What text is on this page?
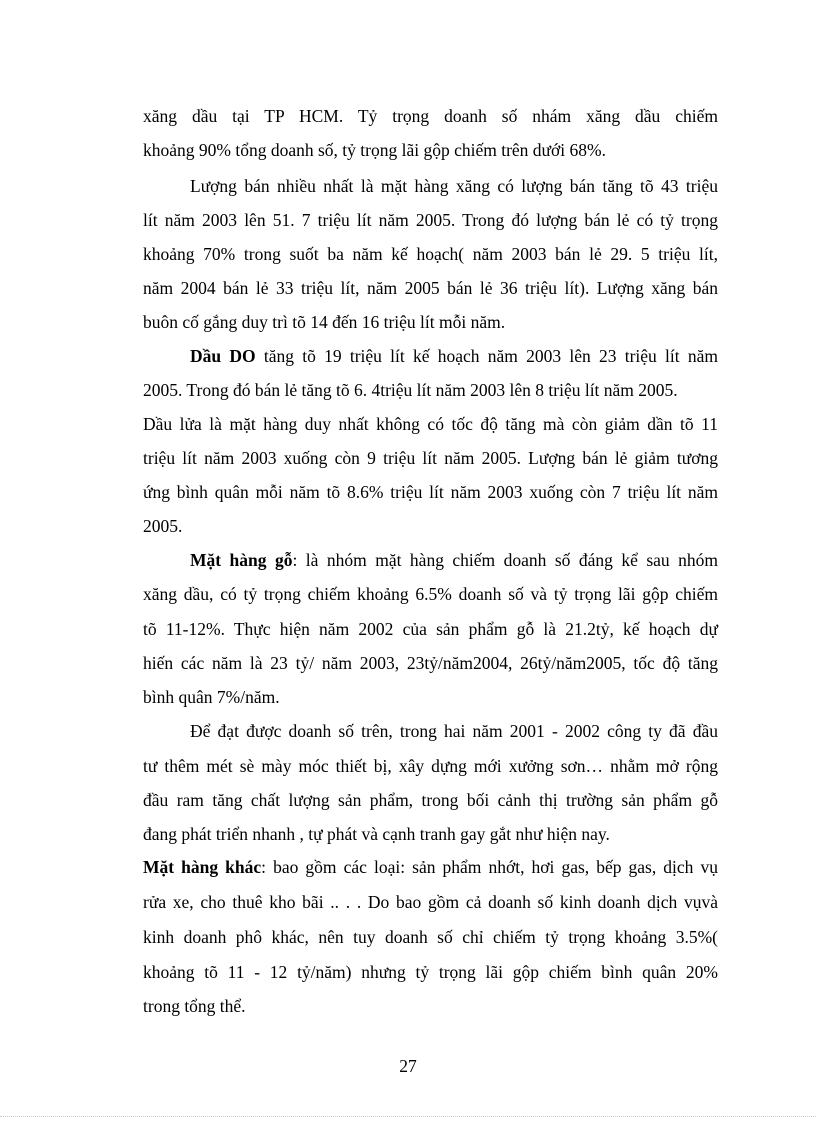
xăng dầu tại TP HCM. Tỷ trọng doanh số nhám xăng dầu chiếm
khoảng 90% tổng doanh số, tỷ trọng lãi gộp chiếm trên dưới 68%.
Lượng bán nhiều nhất là mặt hàng xăng có lượng bán tăng tõ 43 triệu
lít năm 2003 lên 51. 7 triệu lít năm 2005. Trong đó lượng bán lẻ có tỷ trọng
khoảng 70% trong suốt ba năm kế hoạch( năm 2003 bán lẻ 29. 5 triệu lít,
năm 2004 bán lẻ 33 triệu lít, năm 2005 bán lẻ 36 triệu lít). Lượng xăng bán
buôn cố gắng duy trì tõ 14 đến 16 triệu lít mỗi năm.
Dầu DO tăng tõ 19 triệu lít kế hoạch năm 2003 lên 23 triệu lít năm
2005. Trong đó bán lẻ tăng tõ 6. 4triệu lít năm 2003 lên 8 triệu lít năm 2005.
Dầu lửa là mặt hàng duy nhất không có tốc độ tăng mà còn giảm dần tõ 11
triệu lít năm 2003 xuống còn 9 triệu lít năm 2005. Lượng bán lẻ giảm tương
ứng bình quân mỗi năm tõ 8.6% triệu lít năm 2003 xuống còn 7 triệu lít năm
2005.
Mặt hàng gỗ: là nhóm mặt hàng chiếm doanh số đáng kể sau nhóm
xăng dầu, có tỷ trọng chiếm khoảng 6.5% doanh số và tỷ trọng lãi gộp chiếm
tõ 11-12%. Thực hiện năm 2002 của sản phẩm gỗ là 21.2tỷ, kế hoạch dự
hiến các năm là 23 tỷ/ năm 2003, 23tỷ/năm2004, 26tỷ/năm2005, tốc độ tăng
bình quân 7%/năm.
Để đạt được doanh số trên, trong hai năm 2001 - 2002 công ty đã đầu
tư thêm mét sè mày móc thiết bị, xây dựng mới xưởng sơn… nhằm mở rộng
đầu ram tăng chất lượng sản phẩm, trong bối cảnh thị trường sản phẩm gỗ
đang phát triển nhanh , tự phát và cạnh tranh gay gắt như hiện nay.
Mặt hàng khác: bao gồm các loại: sản phẩm nhớt, hơi gas, bếp gas, dịch vụ
rửa xe, cho thuê kho bãi .. . . Do bao gồm cả doanh số kinh doanh dịch vụvà
kinh doanh phô khác, nên tuy doanh số chỉ chiếm tỷ trọng khoảng 3.5%(
khoảng tõ 11 - 12 tỷ/năm) nhưng tỷ trọng lãi gộp chiếm bình quân 20%
trong tổng thể.
27
